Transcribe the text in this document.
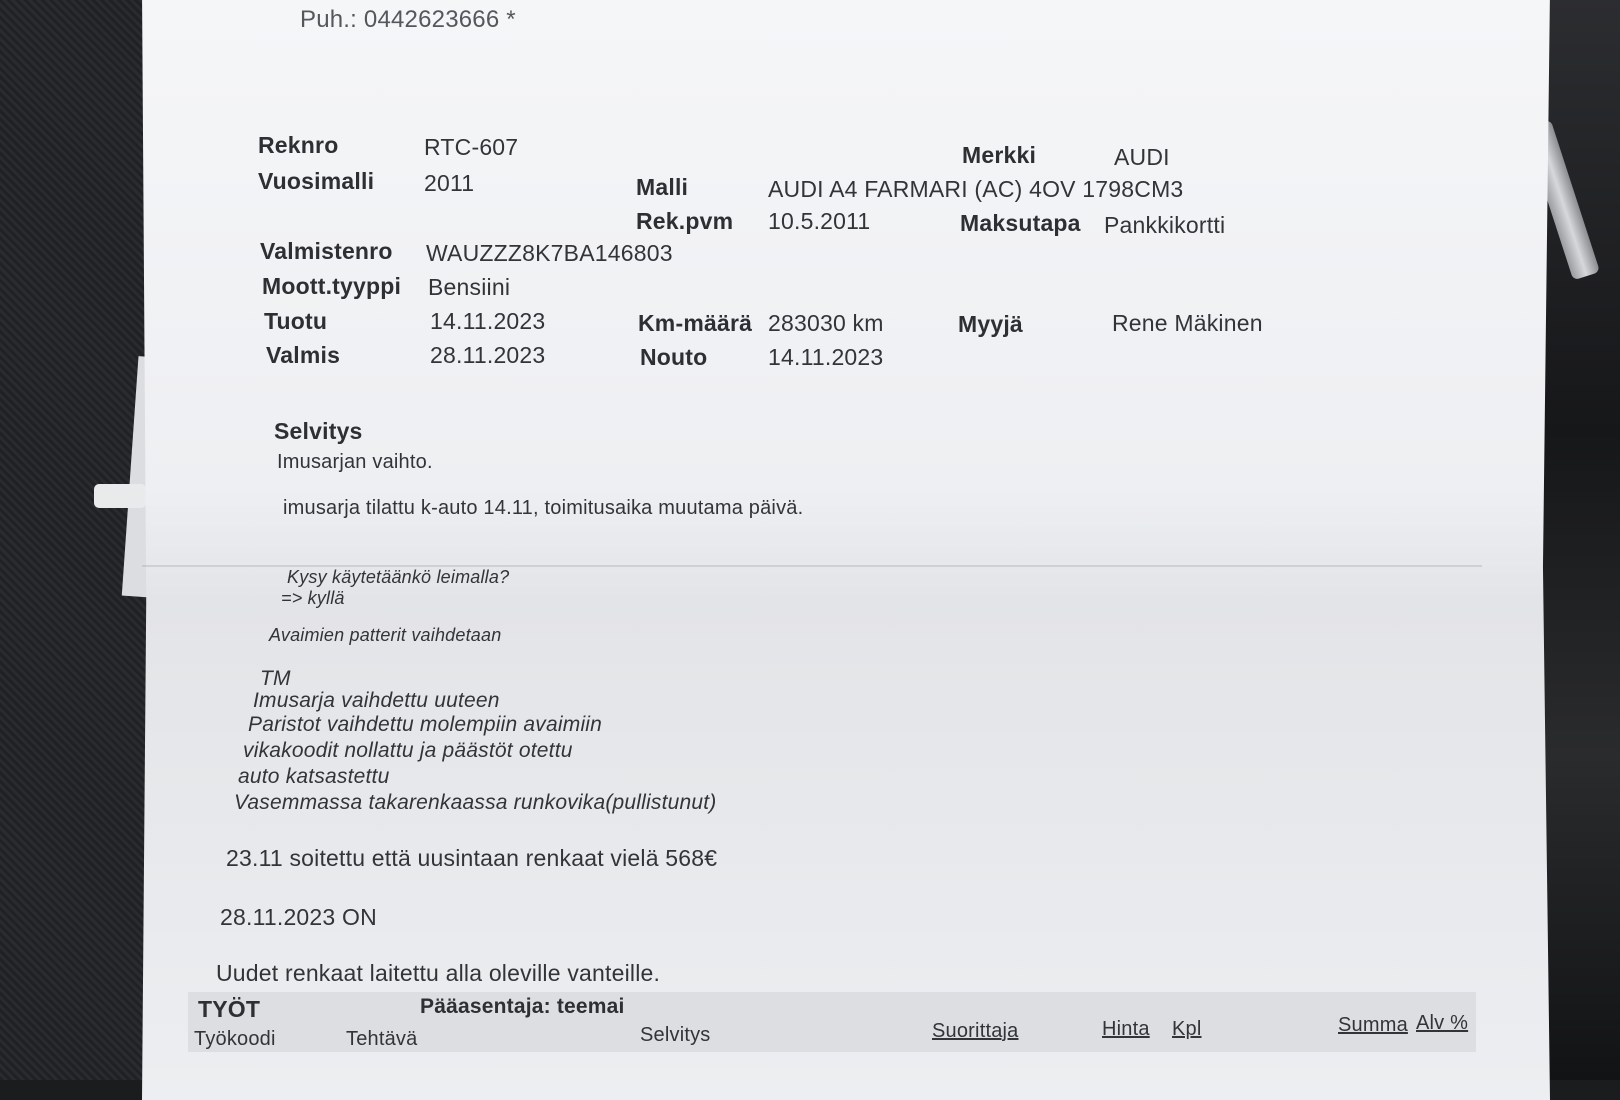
Puh.: 0442623666 *
Reknro	RTC-607	Merkki	AUDI
Vuosimalli 2011	Malli	AUDI A4 FARMARI (AC) 4OV 1798CM3
Rek.pvm 10.5.2011	Maksutapa Pankkikortti
Valmistenro WAUZZZ8K7BA146803
Moott.tyyppi Bensiini
Tuotu	14.11.2023	Km-määrä 283030 km	Myyjä	Rene Mäkinen
Valmis	28.11.2023	Nouto	14.11.2023
Selvitys
Imusarjan vaihto.
imusarja tilattu k-auto 14.11, toimitusaika muutama päivä.
Kysy käytetäänkö leimalla?
=> kyllä
Avaimien patterit vaihdetaan
TM
Imusarja vaihdettu uuteen
Paristot vaihdettu molempiin avaimiin
vikakoodit nollattu ja päästöt otettu
auto katsastettu
Vasemmassa takarenkaassa runkovika(pullistunut)
23.11 soitettu että uusintaan renkaat vielä 568€
28.11.2023 ON
Uudet renkaat laitettu alla oleville vanteille.
TYÖT	Pääasentaja: teemai
Työkoodi	Tehtävä	Selvitys	Suorittaja	Hinta Kpl	Summa Alv %
